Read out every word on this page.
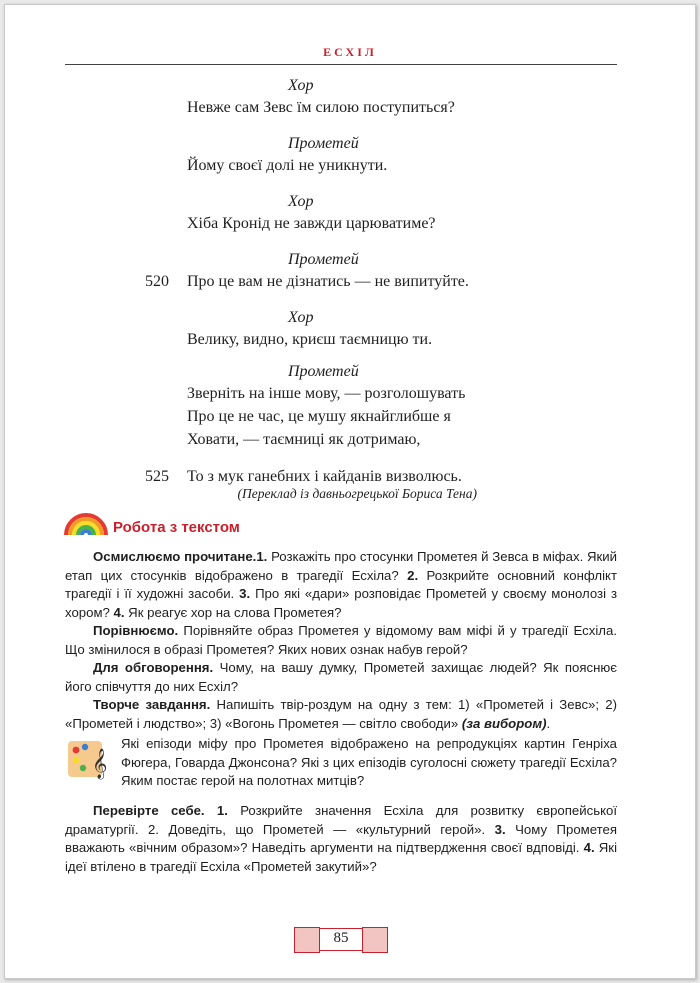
ЕСХІЛ
Хор
Невже сам Зевс їм силою поступиться?
Прометей
Йому своєї долі не уникнути.
Хор
Хіба Кронід не завжди царюватиме?
Прометей
Про це вам не дізнатись — не випитуйте.
520
Хор
Велику, видно, криєш таємницю ти.
Прометей
Зверніть на інше мову, — розголошувать
Про це не час, це мушу якнайглибше я
Ховати, — таємниці як дотримаю,
То з мук ганебних і кайданів визволюсь.
525
(Переклад із давньогрецької Бориса Тена)
Робота з текстом

Осмислюємо прочитане.1. Розкажіть про стосунки Прометея й Зевса в міфах. Який етап цих стосунків відображено в трагедії Есхіла? 2. Розкрийте основний конфлікт трагедії і її художні засоби. 3. Про які «дари» розповідає Прометей у своєму монолозі з хором? 4. Як реагує хор на слова Прометея?

Порівнюємо. Порівняйте образ Прометея у відомому вам міфі й у трагедії Есхіла. Що змінилося в образі Прометея? Яких нових ознак набув герой?

Для обговорення. Чому, на вашу думку, Прометей захищає людей? Як пояснює його співчуття до них Есхіл?

Творче завдання. Напишіть твір-роздум на одну з тем: 1) «Прометей і Зевс»; 2) «Прометей і людство»; 3) «Вогонь Прометея — світло свободи» (за вибором).

𝄞
Які епізоди міфу про Прометея відображено на репродукціях картин Генріха Фюгера, Говарда Джонсона? Які з цих епізодів суголосні сюжету трагедії Есхіла? Яким постає герой на полотнах митців?

Перевірте себе. 1. Розкрийте значення Есхіла для розвитку європейської драматургії. 2. Доведіть, що Прометей — «культурний герой». 3. Чому Прометея вважають «вічним образом»? Наведіть аргументи на підтвердження своєї вдповіді. 4. Які ідеї втілено в трагедії Есхіла «Прометей закутий»?

85
